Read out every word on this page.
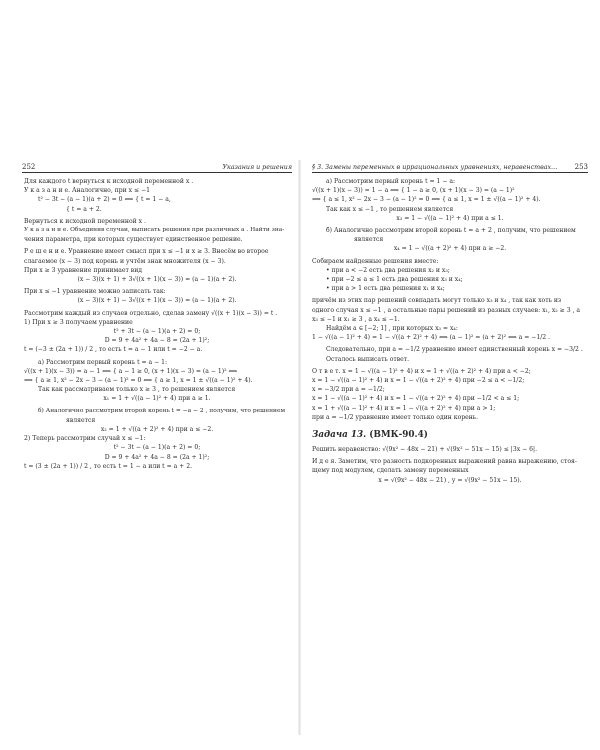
252	Указания и решения
Для каждого t вернуться к исходной переменной x .
У к а з а н и е. Аналогично, при x ≤ −1
t² − 3t − (a − 1)(a + 2) = 0 ⟺ { t = 1 − a,
{ t = a + 2.
Вернуться к исходной переменной x .
У к а з а н и е. Объединив случаи, выписать решения при различных a . Найти зна-
чения параметра, при которых существует единственное решение.
Р е ш е н и е. Уравнение имеет смысл при x ≤ −1 и x ≥ 3. Внесём во второе
слагаемое (x − 3) под корень и учтём знак множителя (x − 3).
При x ≥ 3 уравнение принимает вид
(x − 3)(x + 1) + 3√((x + 1)(x − 3)) = (a − 1)(a + 2).
При x ≤ −1 уравнение можно записать так:
(x − 3)(x + 1) − 3√((x + 1)(x − 3)) = (a − 1)(a + 2).
Рассмотрим каждый из случаев отдельно, сделав замену √((x + 1)(x − 3)) = t .
1) При x ≥ 3 получаем уравнение
t² + 3t − (a − 1)(a + 2) = 0;
D = 9 + 4a² + 4a − 8 = (2a + 1)²;
t = (−3 ± (2a + 1)) / 2 , то есть t = a − 1 или t = −2 − a.
а) Рассмотрим первый корень t = a − 1:
√((x + 1)(x − 3)) = a − 1 ⟺ { a − 1 ≥ 0, (x + 1)(x − 3) = (a − 1)² ⟺
⟺ { a ≥ 1, x² − 2x − 3 − (a − 1)² = 0 ⟺ { a ≥ 1, x = 1 ± √((a − 1)² + 4).
Так как рассматриваем только x ≥ 3 , то решением является
x₁ = 1 + √((a − 1)² + 4) при a ≥ 1.
б) Аналогично рассмотрим второй корень t = −a − 2 , получим, что решением
является
x₂ = 1 + √((a + 2)² + 4) при a ≤ −2.
2) Теперь рассмотрим случай x ≤ −1:
t² − 3t − (a − 1)(a + 2) = 0;
D = 9 + 4a² + 4a − 8 = (2a + 1)²;
t = (3 ± (2a + 1)) / 2 , то есть t = 1 − a или t = a + 2.
§ 3. Замены переменных в иррациональных уравнениях, неравенствах… 253
а) Рассмотрим первый корень t = 1 − a:
√((x + 1)(x − 3)) = 1 − a ⟺ { 1 − a ≥ 0, (x + 1)(x − 3) = (a − 1)²
⟺ { a ≤ 1, x² − 2x − 3 − (a − 1)² = 0 ⟺ { a ≤ 1, x = 1 ± √((a − 1)² + 4).
Так как x ≤ −1 , то решением является
x₃ = 1 − √((a − 1)² + 4) при a ≤ 1.
б) Аналогично рассмотрим второй корень t = a + 2 , получим, что решением
является
x₄ = 1 − √((a + 2)² + 4) при a ≥ −2.
Собираем найденные решения вместе:
• при a < −2 есть два решения x₂ и x₃;
• при −2 ≤ a ≤ 1 есть два решения x₃ и x₄;
• при a > 1 есть два решения x₁ и x₄;
причём из этих пар решений совпадать могут только x₃ и x₄ , так как хоть из
одного случая x ≤ −1 , а остальные пары решений из разных случаев: x₁, x₂ ≥ 3 , а
x₃ ≤ −1 и x₁ ≥ 3 , а x₄ ≤ −1.
Найдём a ∈ [−2; 1] , при которых x₃ = x₄:
1 − √((a − 1)² + 4) = 1 − √((a + 2)² + 4) ⟺ (a − 1)² = (a + 2)² ⟺ a = −1/2 .
Следовательно, при a = −1/2 уравнение имеет единственный корень x = −3/2 .
Осталось выписать ответ.
О т в е т. x = 1 − √((a − 1)² + 4) и x = 1 + √((a + 2)² + 4) при a < −2;
x = 1 − √((a − 1)² + 4) и x = 1 − √((a + 2)² + 4) при −2 ≤ a < −1/2;
x = −3/2 при a = −1/2;
x = 1 − √((a − 1)² + 4) и x = 1 − √((a + 2)² + 4) при −1/2 < a ≤ 1;
x = 1 + √((a − 1)² + 4) и x = 1 − √((a + 2)² + 4) при a > 1;
при a = −1/2 уравнение имеет только один корень.
Задача 13. (ВМК-90.4)
Решить неравенство: √(9x² − 48x − 21) + √(9x² − 51x − 15) ≤ |3x − 6|.
И д е я. Заметим, что разность подкоренных выражений равна выражению, стоя-
щему под модулем, сделать замену переменных
x = √(9x² − 48x − 21) , y = √(9x² − 51x − 15).
